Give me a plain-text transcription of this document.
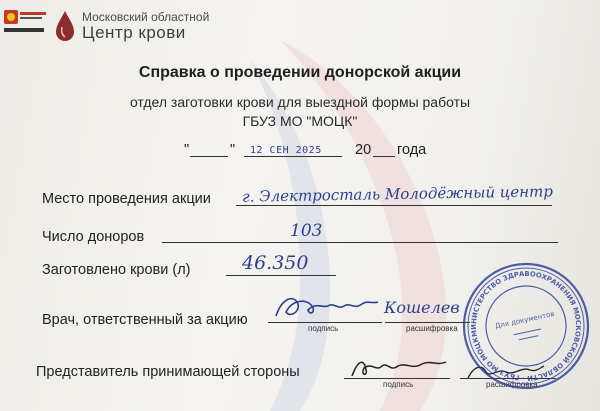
Московский областной
Центр крови
Справка о проведении донорской акции
отдел заготовки крови для выездной формы работы
ГБУЗ МО "МОЦК"
"	" 12 СЕН 2025 20 года
Место проведения акции г. Электросталь Молодёжный центр
Число доноров	103
Заготовлено крови (л)	46.350
Врач, ответственный за акцию
подпись	расшифровка
Кошелев
Представитель принимающей стороны
подпись	расшифровка
МИНИСТЕРСТВО ЗДРАВООХРАНЕНИЯ МОСКОВСКОЙ ОБЛАСТИ · ГБУЗ МО МОЦК
Для документов
